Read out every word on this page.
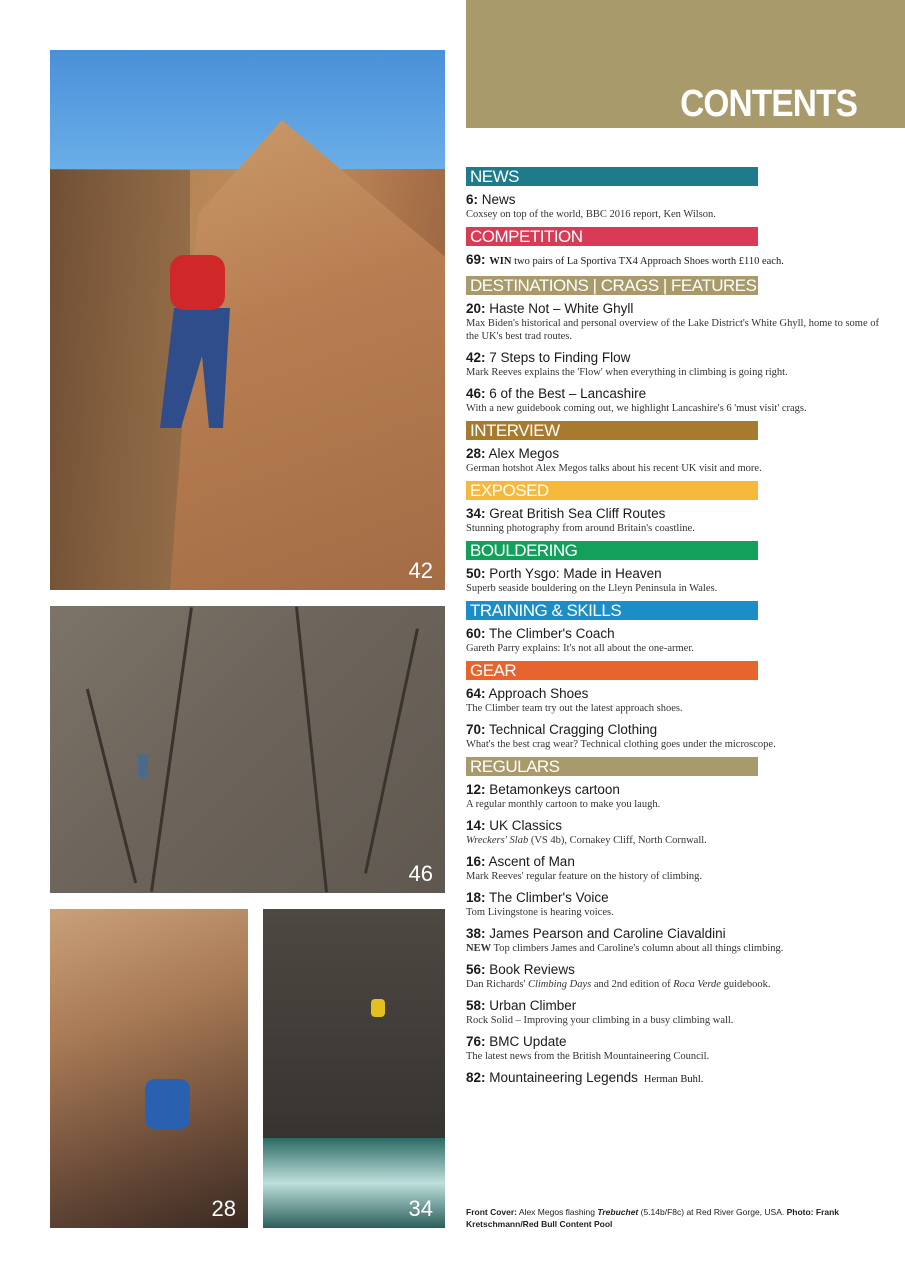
CONTENTS
42
46
28	34
NEWS
6: News
Coxsey on top of the world, BBC 2016 report, Ken Wilson.
COMPETITION
69: WIN two pairs of La Sportiva TX4 Approach Shoes worth £110 each.
DESTINATIONS | CRAGS | FEATURES
20: Haste Not – White Ghyll
Max Biden's historical and personal overview of the Lake District's White Ghyll, home to some of the UK's best trad routes.
42: 7 Steps to Finding Flow
Mark Reeves explains the 'Flow' when everything in climbing is going right.
46: 6 of the Best – Lancashire
With a new guidebook coming out, we highlight Lancashire's 6 'must visit' crags.
INTERVIEW
28: Alex Megos
German hotshot Alex Megos talks about his recent UK visit and more.
EXPOSED
34: Great British Sea Cliff Routes
Stunning photography from around Britain's coastline.
BOULDERING
50: Porth Ysgo: Made in Heaven
Superb seaside bouldering on the Lleyn Peninsula in Wales.
TRAINING & SKILLS
60: The Climber's Coach
Gareth Parry explains: It's not all about the one-armer.
GEAR
64: Approach Shoes
The Climber team try out the latest approach shoes.
70: Technical Cragging Clothing
What's the best crag wear? Technical clothing goes under the microscope.
REGULARS
12: Betamonkeys cartoon
A regular monthly cartoon to make you laugh.
14: UK Classics
Wreckers' Slab (VS 4b), Cornakey Cliff, North Cornwall.
16: Ascent of Man
Mark Reeves' regular feature on the history of climbing.
18: The Climber's Voice
Tom Livingstone is hearing voices.
38: James Pearson and Caroline Ciavaldini
NEW Top climbers James and Caroline's column about all things climbing.
56: Book Reviews
Dan Richards' Climbing Days and 2nd edition of Roca Verde guidebook.
58: Urban Climber
Rock Solid – Improving your climbing in a busy climbing wall.
76: BMC Update
The latest news from the British Mountaineering Council.
82: Mountaineering Legends Herman Buhl.
Front Cover: Alex Megos flashing Trebuchet (5.14b/F8c) at Red River Gorge, USA. Photo: Frank Kretschmann/Red Bull Content Pool
